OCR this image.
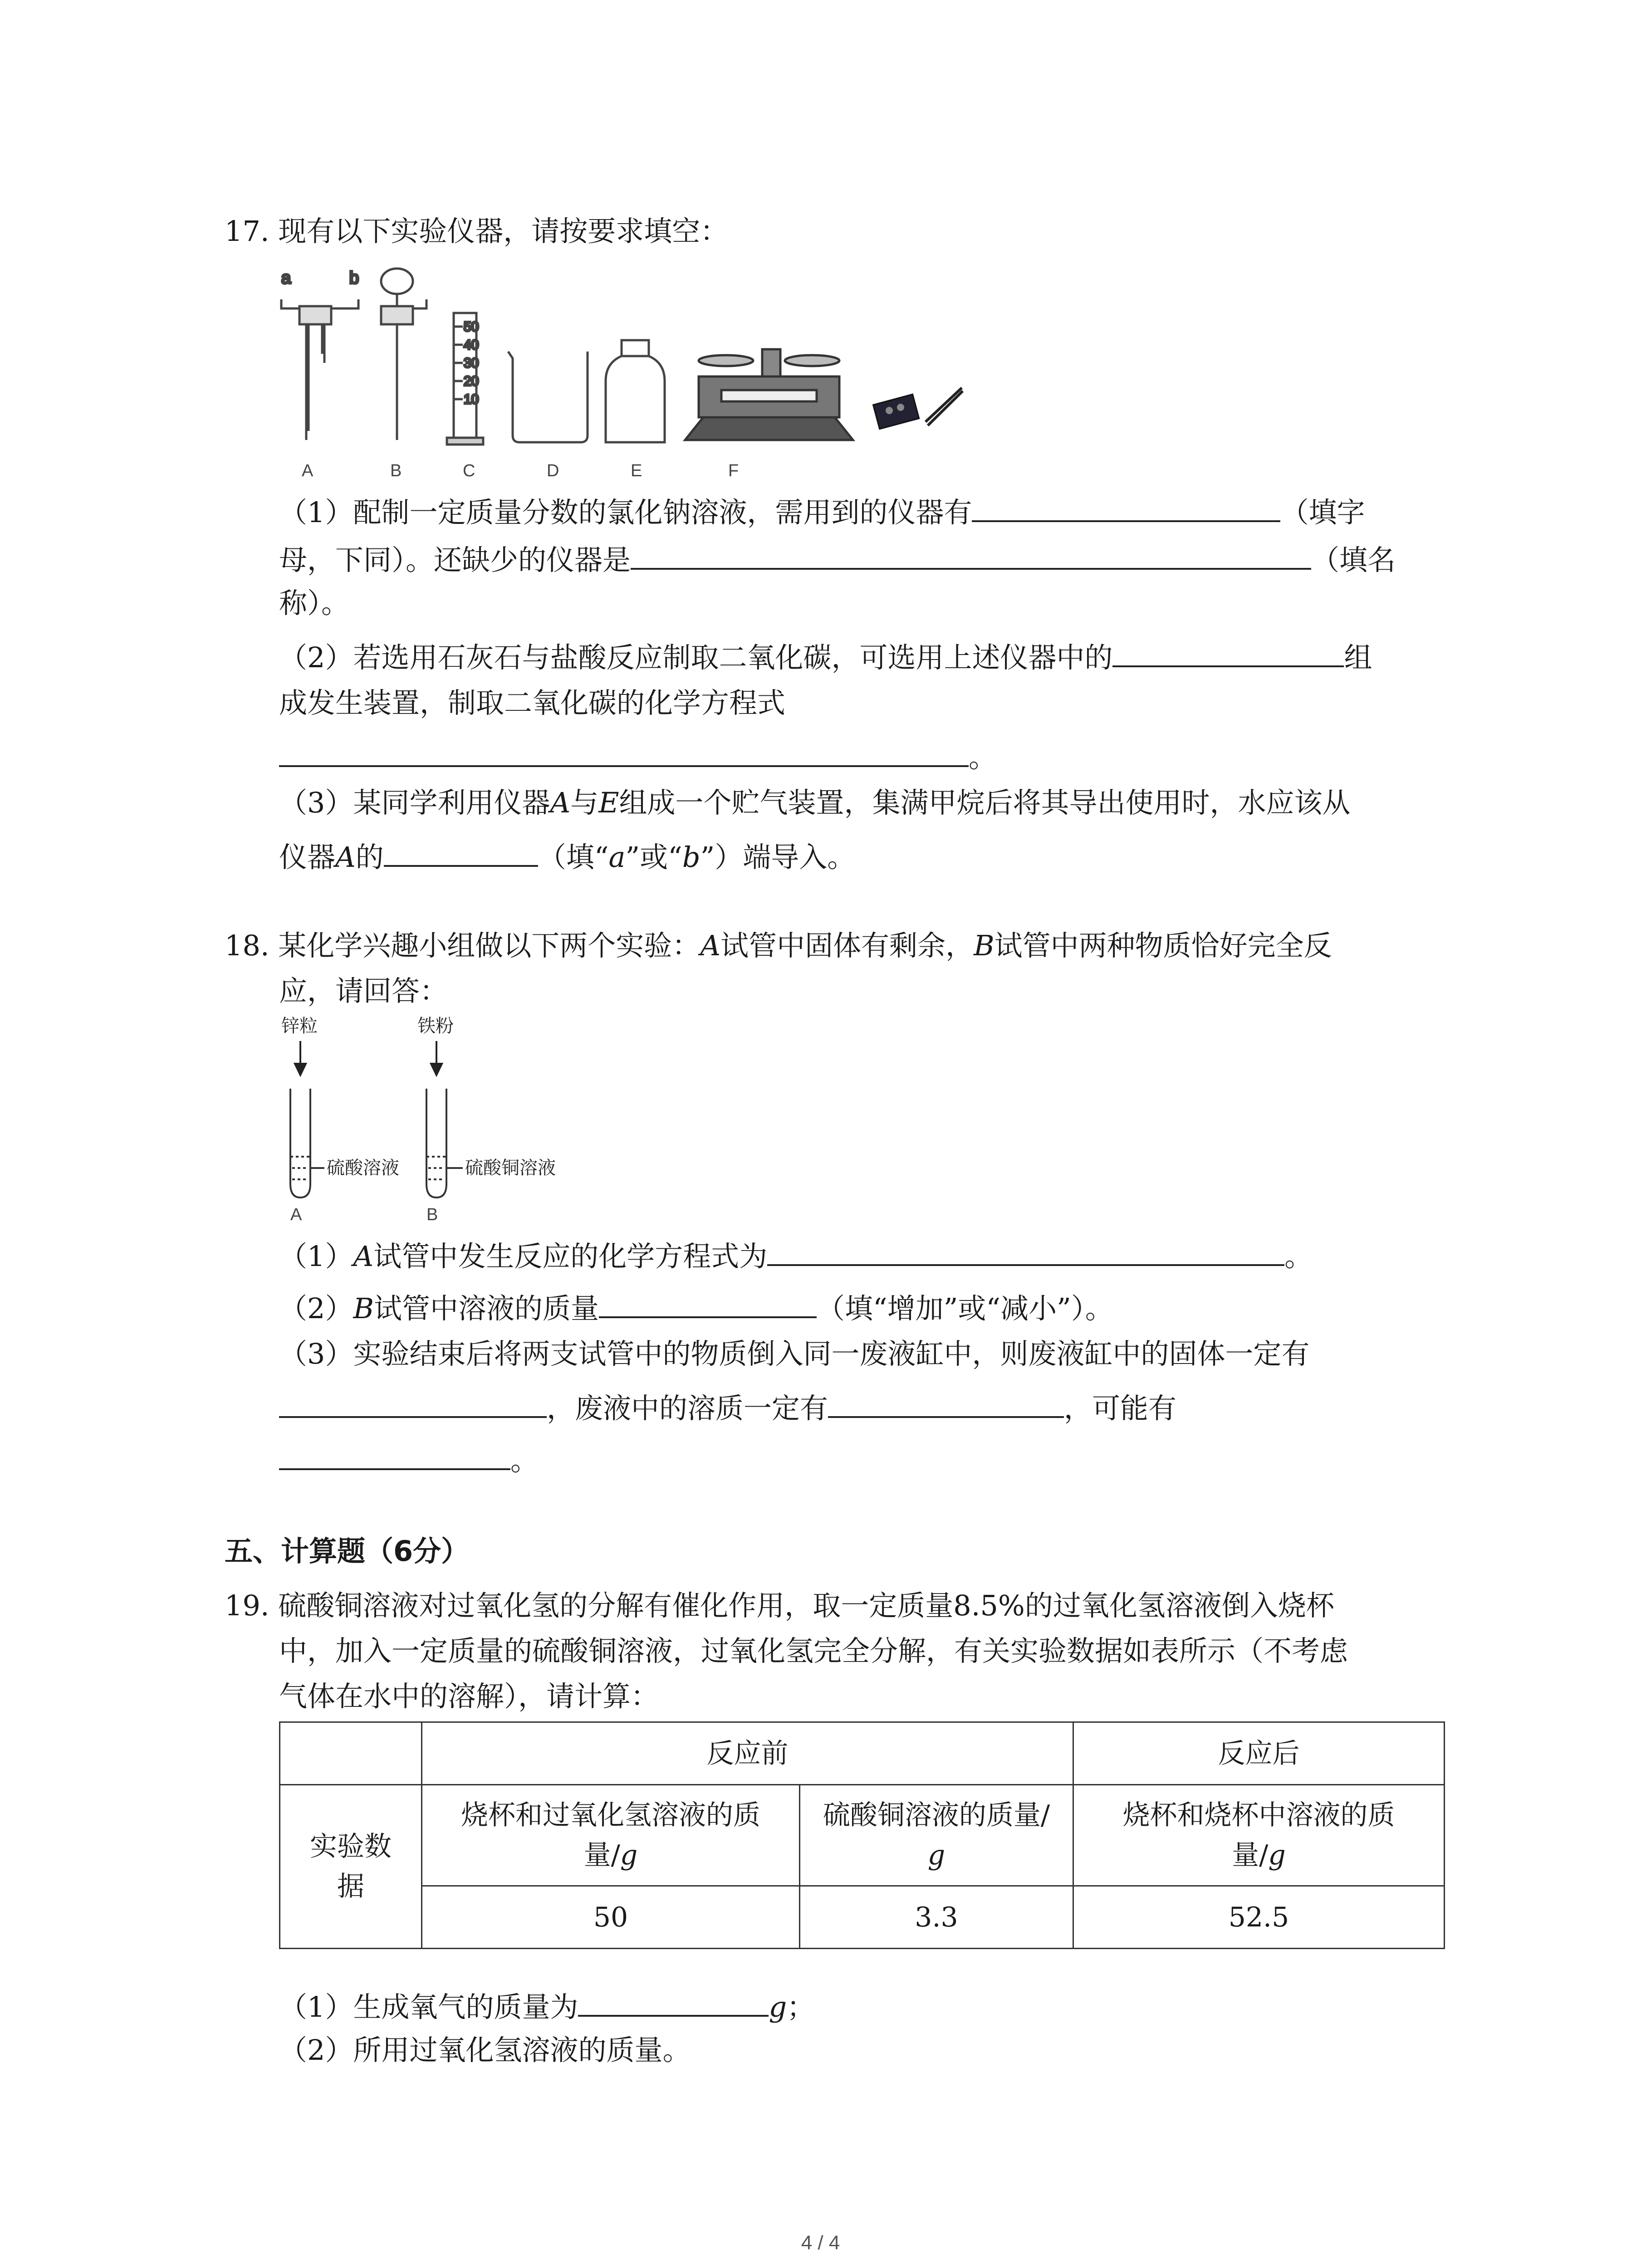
17. 现有以下实验仪器，请按要求填空：
a	b
50
40
30
20
10
A	B	C	D	E	F
（1）配制一定质量分数的氯化钠溶液，需用到的仪器有	（填字
母，下同）。还缺少的仪器是	（填名
称）。
（2）若选用石灰石与盐酸反应制取二氧化碳，可选用上述仪器中的	组
成发生装置，制取二氧化碳的化学方程式
。
（3）某同学利用仪器A与E组成一个贮气装置，集满甲烷后将其导出使用时，水应该从
仪器A的	（填“a”或“b”）端导入。
18. 某化学兴趣小组做以下两个实验：A试管中固体有剩余，B试管中两种物质恰好完全反
应，请回答：
锌粒	铁粉
硫酸溶液	硫酸铜溶液
A	B
（1）A试管中发生反应的化学方程式为	。
（2）B试管中溶液的质量	（填“增加”或“减小”）。
（3）实验结束后将两支试管中的物质倒入同一废液缸中，则废液缸中的固体一定有
，废液中的溶质一定有	，可能有
。
五、计算题（6分）
19. 硫酸铜溶液对过氧化氢的分解有催化作用，取一定质量8.5%的过氧化氢溶液倒入烧杯
中，加入一定质量的硫酸铜溶液，过氧化氢完全分解，有关实验数据如表所示（不考虑
气体在水中的溶解），请计算：
	反应前		反应后
实验数
据	烧杯和过氧化氢溶液的质
量/g	硫酸铜溶液的质量/
g	烧杯和烧杯中溶液的质
量/g
	50	3.3	52.5
（1）生成氧气的质量为	g；
（2）所用过氧化氢溶液的质量。
4 / 4
